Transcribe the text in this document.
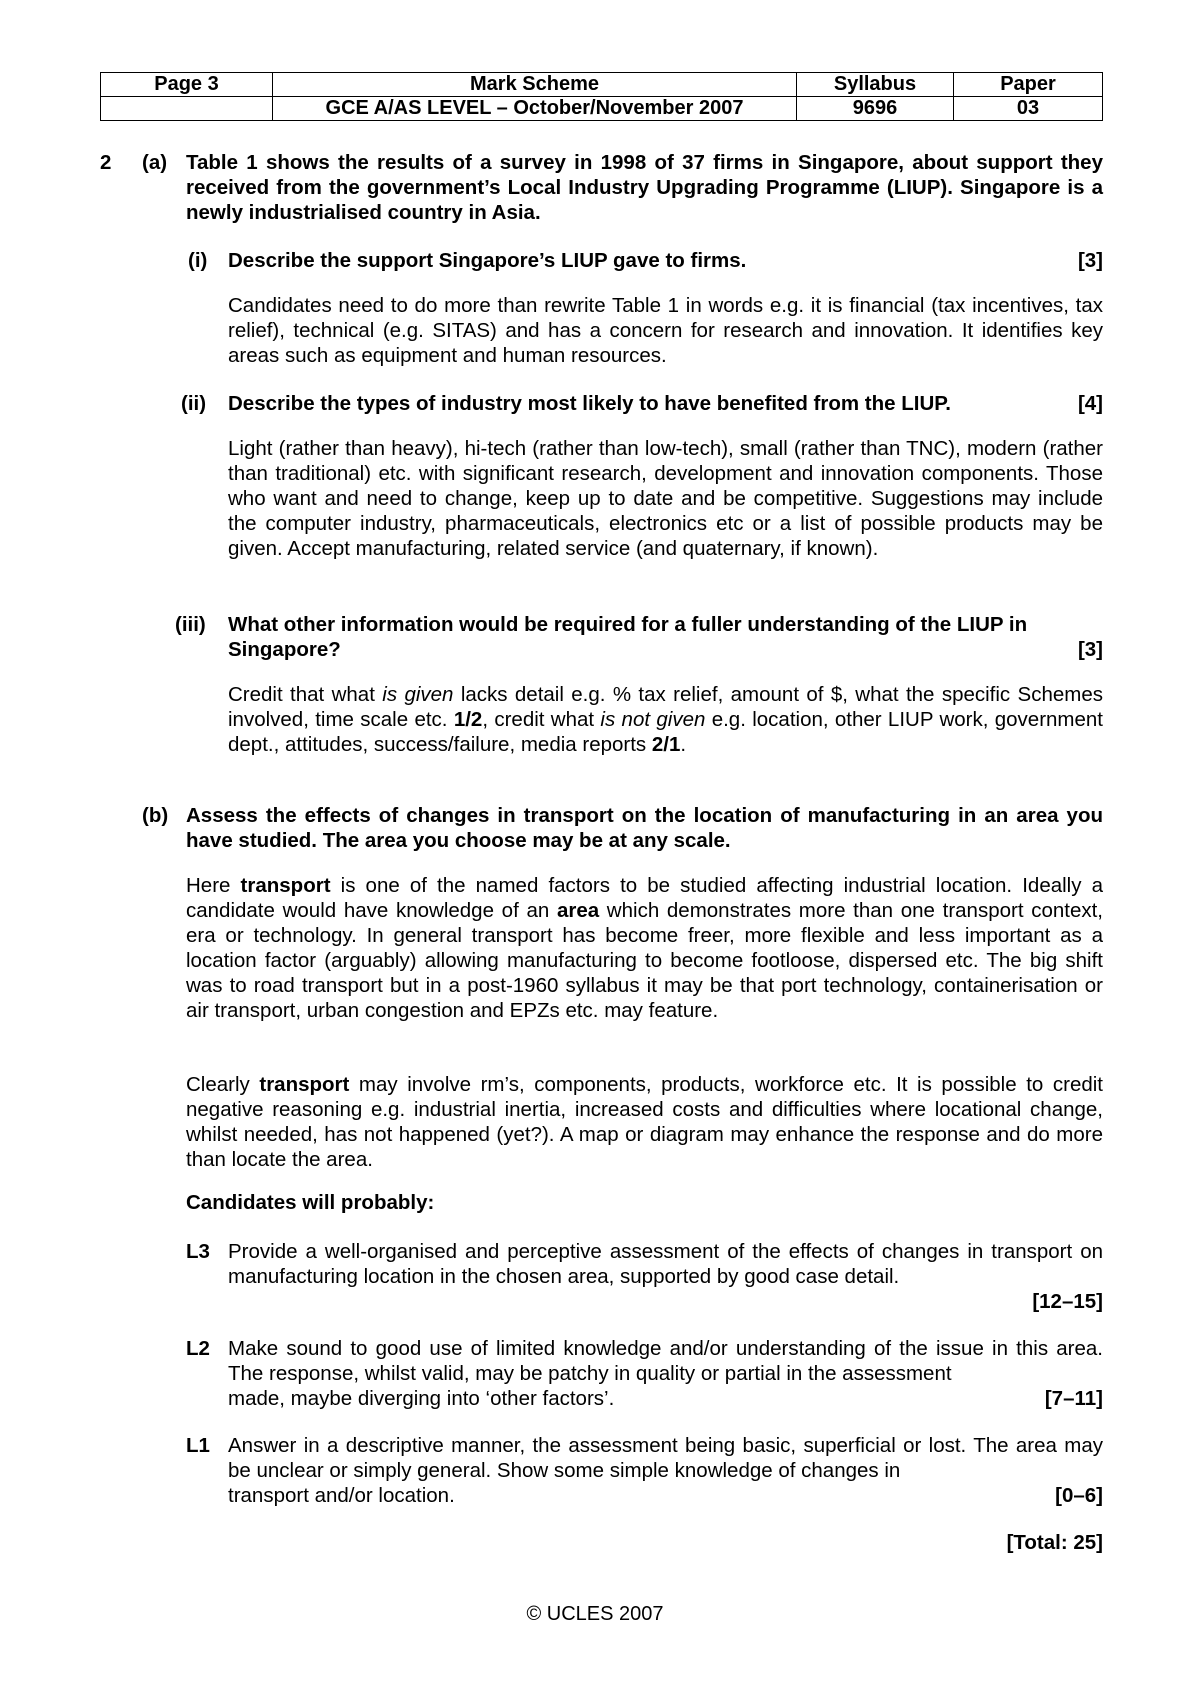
Page 3	Mark Scheme	Syllabus	Paper
	GCE A/AS LEVEL – October/November 2007	9696	03
2 (a) Table 1 shows the results of a survey in 1998 of 37 firms in Singapore, about support they received from the government’s Local Industry Upgrading Programme (LIUP). Singapore is a newly industrialised country in Asia.
(i) Describe the support Singapore’s LIUP gave to firms.	[3]
Candidates need to do more than rewrite Table 1 in words e.g. it is financial (tax incentives, tax relief), technical (e.g. SITAS) and has a concern for research and innovation. It identifies key areas such as equipment and human resources.
(ii) Describe the types of industry most likely to have benefited from the LIUP.	[4]
Light (rather than heavy), hi-tech (rather than low-tech), small (rather than TNC), modern (rather than traditional) etc. with significant research, development and innovation components. Those who want and need to change, keep up to date and be competitive. Suggestions may include the computer industry, pharmaceuticals, electronics etc or a list of possible products may be given. Accept manufacturing, related service (and quaternary, if known).
(iii) What other information would be required for a fuller understanding of the LIUP in
Singapore?	[3]
Credit that what is given lacks detail e.g. % tax relief, amount of $, what the specific Schemes involved, time scale etc. 1/2, credit what is not given e.g. location, other LIUP work, government dept., attitudes, success/failure, media reports 2/1.
(b) Assess the effects of changes in transport on the location of manufacturing in an area you have studied. The area you choose may be at any scale.
Here transport is one of the named factors to be studied affecting industrial location. Ideally a candidate would have knowledge of an area which demonstrates more than one transport context, era or technology. In general transport has become freer, more flexible and less important as a location factor (arguably) allowing manufacturing to become footloose, dispersed etc. The big shift was to road transport but in a post-1960 syllabus it may be that port technology, containerisation or air transport, urban congestion and EPZs etc. may feature.
Clearly transport may involve rm’s, components, products, workforce etc. It is possible to credit negative reasoning e.g. industrial inertia, increased costs and difficulties where locational change, whilst needed, has not happened (yet?). A map or diagram may enhance the response and do more than locate the area.
Candidates will probably:
L3 Provide a well-organised and perceptive assessment of the effects of changes in transport on manufacturing location in the chosen area, supported by good case detail.
[12–15]
L2 Make sound to good use of limited knowledge and/or understanding of the issue in this area. The response, whilst valid, may be patchy in quality or partial in the assessment
made, maybe diverging into ‘other factors’.	[7–11]
L1 Answer in a descriptive manner, the assessment being basic, superficial or lost. The area may be unclear or simply general. Show some simple knowledge of changes in
transport and/or location.	[0–6]
[Total: 25]
© UCLES 2007
